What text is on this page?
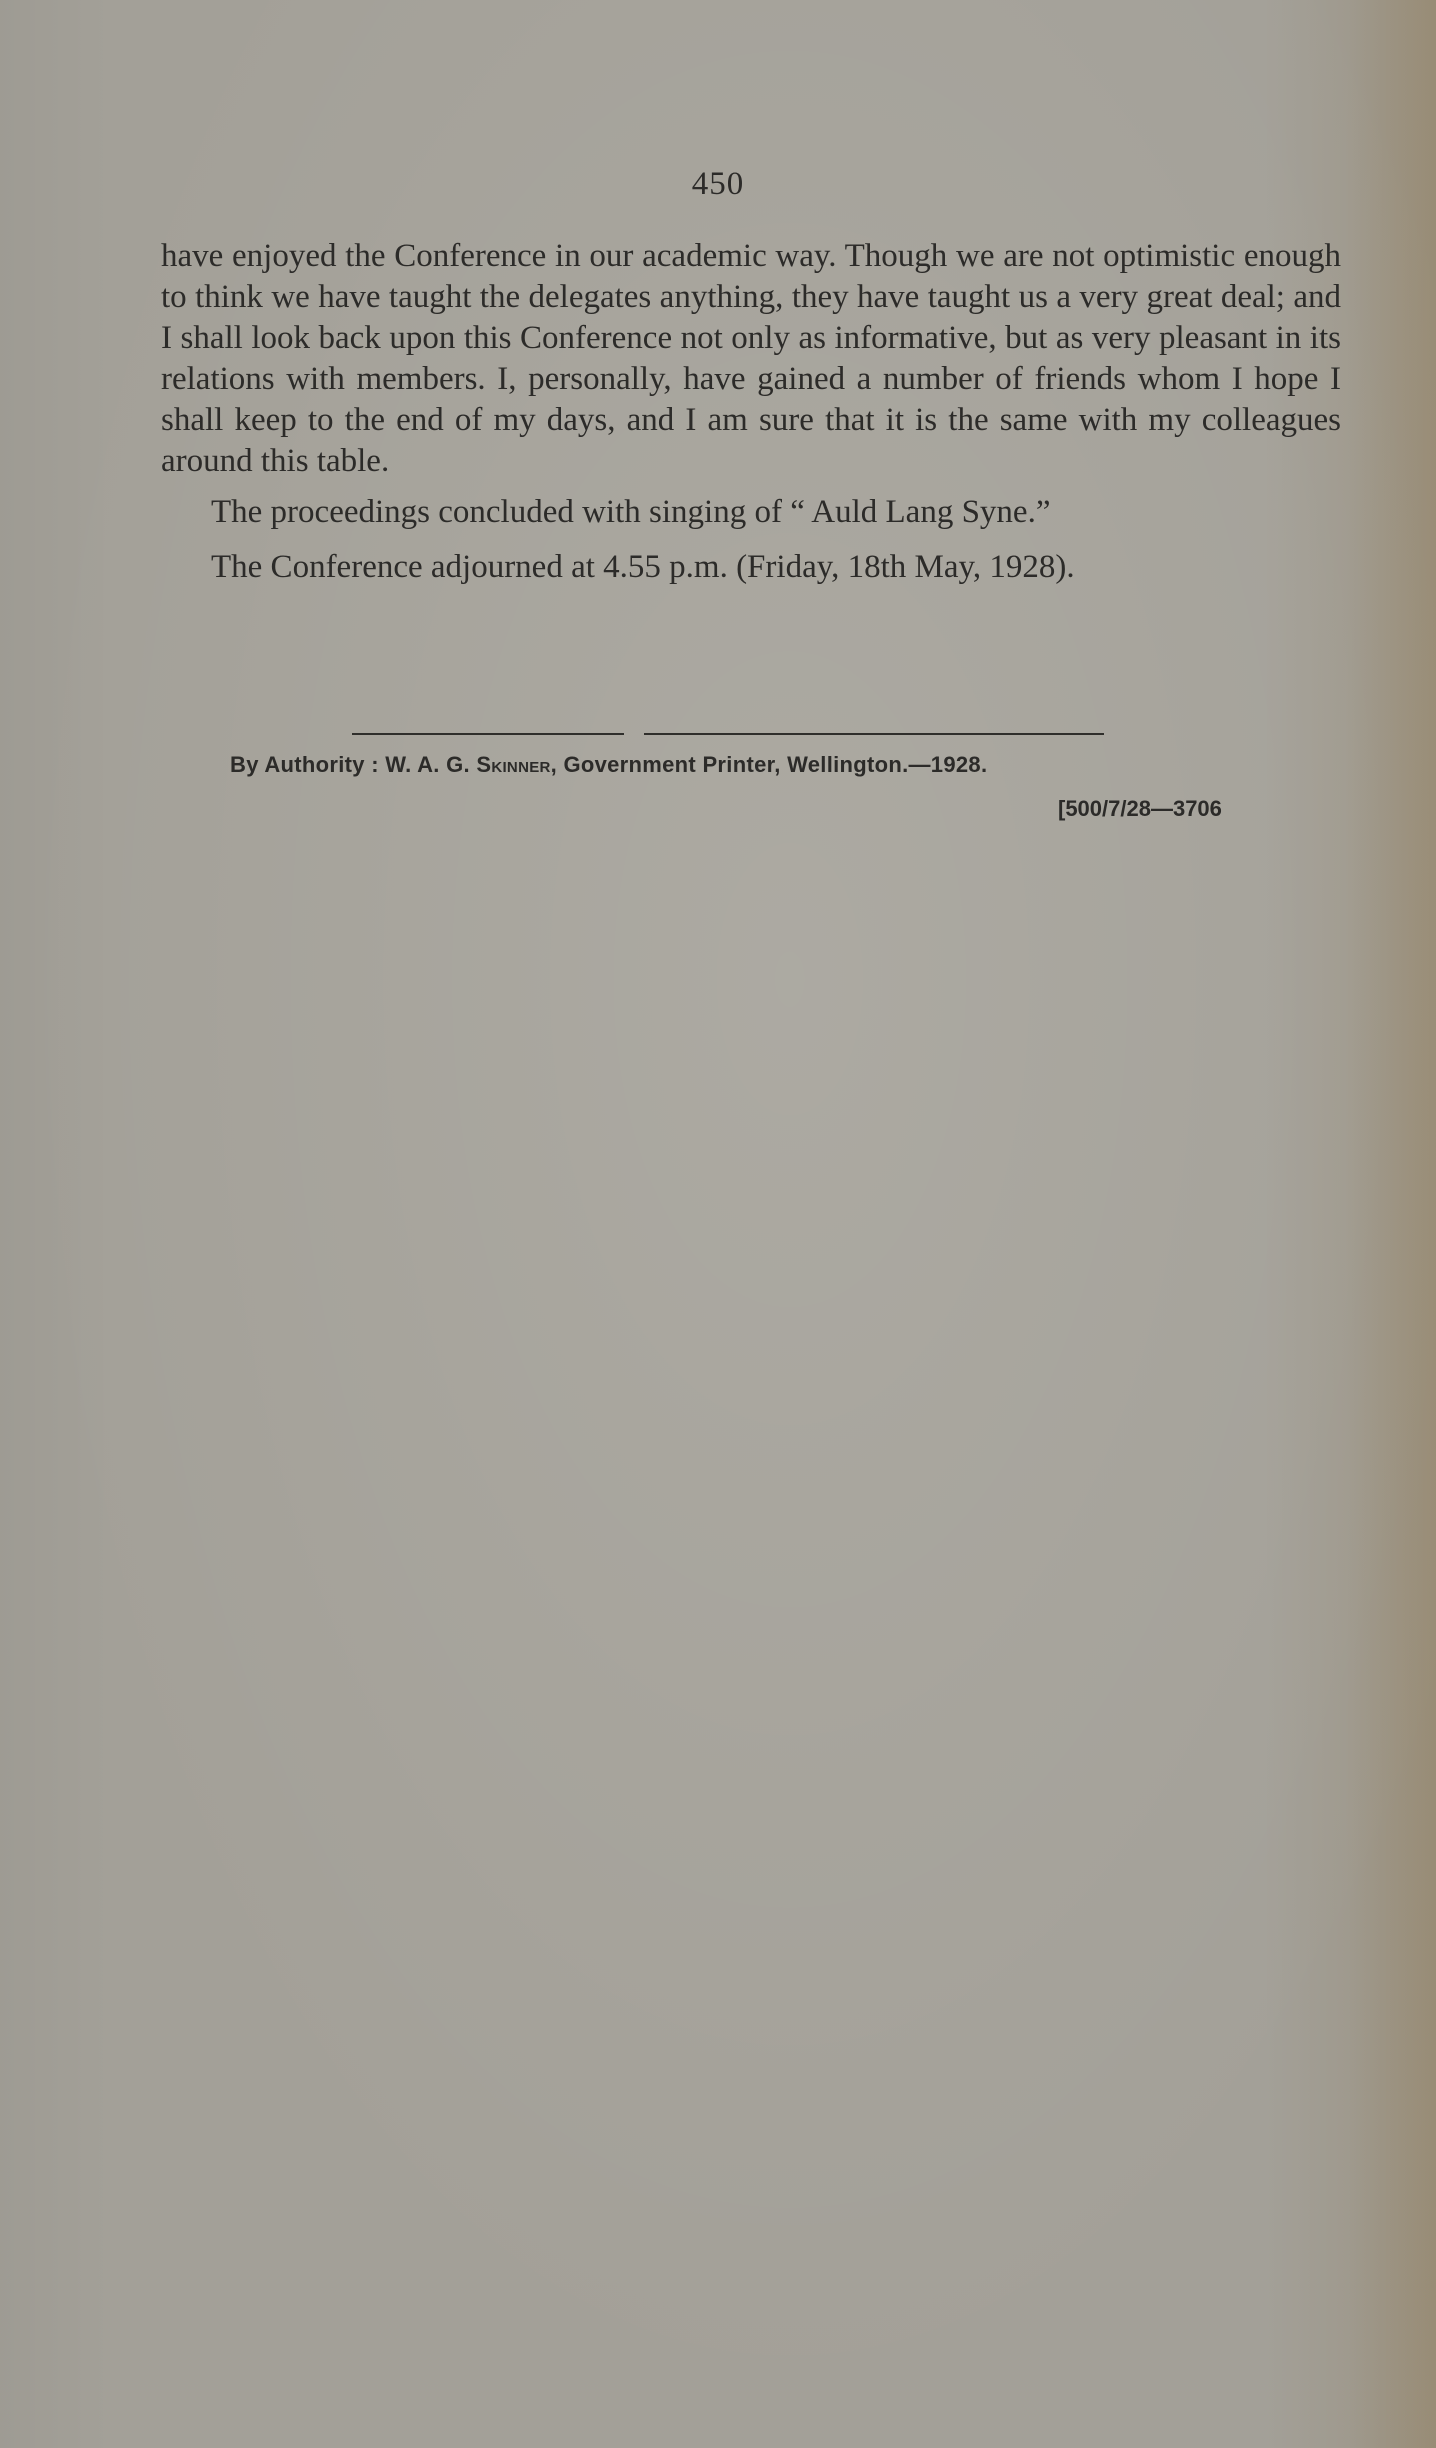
450

have enjoyed the Conference in our academic way. Though we are not optimistic enough to think we have taught the delegates anything, they have taught us a very great deal; and I shall look back upon this Conference not only as informative, but as very pleasant in its relations with members. I, personally, have gained a number of friends whom I hope I shall keep to the end of my days, and I am sure that it is the same with my colleagues around this table.

The proceedings concluded with singing of “ Auld Lang Syne.”

The Conference adjourned at 4.55 p.m. (Friday, 18th May, 1928).

By Authority : W. A. G. Skinner, Government Printer, Wellington.—1928.
[500/7/28—3706
